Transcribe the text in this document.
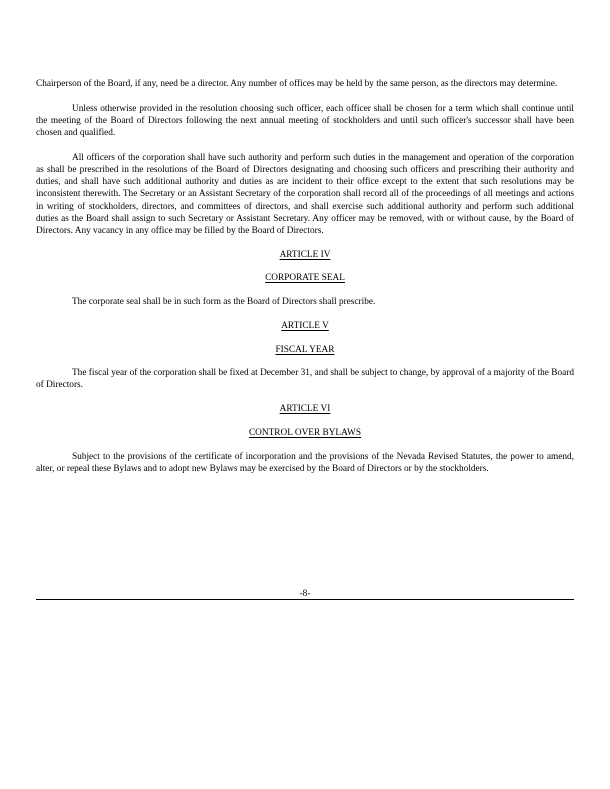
Chairperson of the Board, if any, need be a director. Any number of offices may be held by the same person, as the directors may determine.

Unless otherwise provided in the resolution choosing such officer, each officer shall be chosen for a term which shall continue until the meeting of the Board of Directors following the next annual meeting of stockholders and until such officer's successor shall have been chosen and qualified.

All officers of the corporation shall have such authority and perform such duties in the management and operation of the corporation as shall be prescribed in the resolutions of the Board of Directors designating and choosing such officers and prescribing their authority and duties, and shall have such additional authority and duties as are incident to their office except to the extent that such resolutions may be inconsistent therewith. The Secretary or an Assistant Secretary of the corporation shall record all of the proceedings of all meetings and actions in writing of stockholders, directors, and committees of directors, and shall exercise such additional authority and perform such additional duties as the Board shall assign to such Secretary or Assistant Secretary. Any officer may be removed, with or without cause, by the Board of Directors. Any vacancy in any office may be filled by the Board of Directors.

ARTICLE IV

CORPORATE SEAL

The corporate seal shall be in such form as the Board of Directors shall prescribe.

ARTICLE V

FISCAL YEAR

The fiscal year of the corporation shall be fixed at December 31, and shall be subject to change, by approval of a majority of the Board of Directors.

ARTICLE VI

CONTROL OVER BYLAWS

Subject to the provisions of the certificate of incorporation and the provisions of the Nevada Revised Statutes, the power to amend, alter, or repeal these Bylaws and to adopt new Bylaws may be exercised by the Board of Directors or by the stockholders.

-8-
